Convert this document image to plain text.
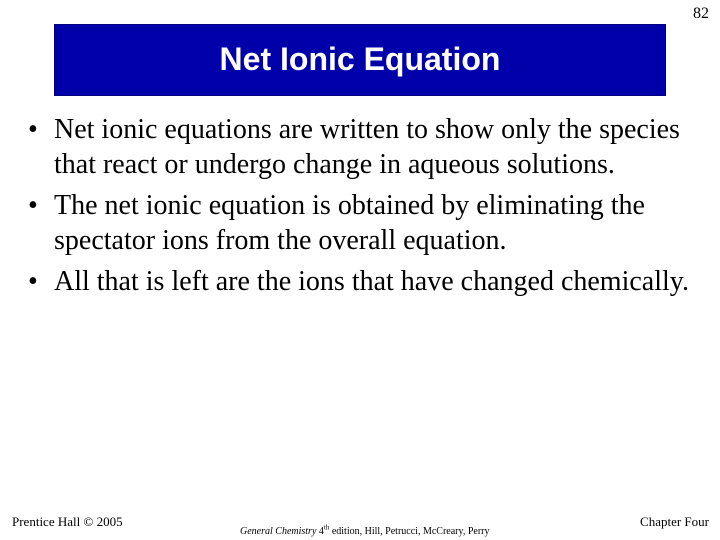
82
Net Ionic Equation
• Net ionic equations are written to show only the species that react or undergo change in aqueous solutions.
• The net ionic equation is obtained by eliminating the spectator ions from the overall equation.
• All that is left are the ions that have changed chemically.
Prentice Hall © 2005
General Chemistry 4th edition, Hill, Petrucci, McCreary, Perry
Chapter Four
